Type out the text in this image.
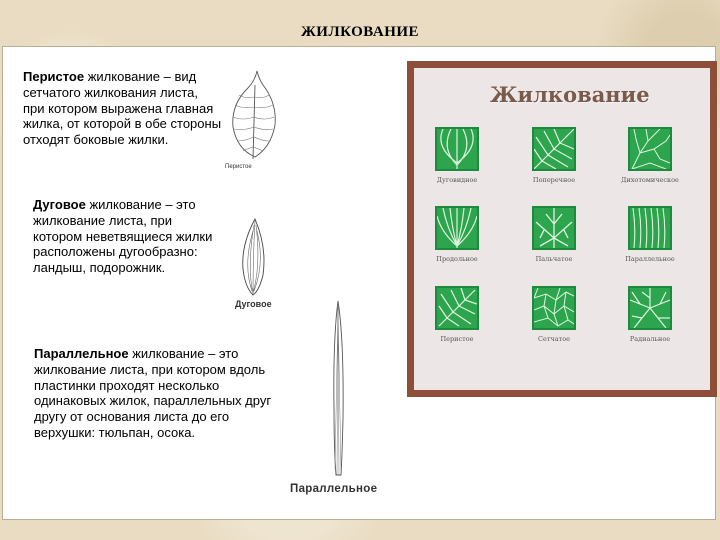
ЖИЛКОВАНИЕ
Перистое жилкование – вид сетчатого жилкования листа, при котором выражена главная жилка, от которой в обе стороны отходят боковые жилки.
Перистое
Дуговое жилкование – это жилкование листа, при котором неветвящиеся жилки расположены дугообразно: ландыш, подорожник.
Дуговое
Параллельное жилкование – это жилкование листа, при котором вдоль пластинки проходят несколько одинаковых жилок, параллельных друг другу от основания листа до его верхушки: тюльпан, осока.
Параллельное
Жилкование
Дуговидное	Поперечное	Дихотомическое
Продольное	Пальчатое	Параллельное
Перистое	Сетчатое	Радиальное
